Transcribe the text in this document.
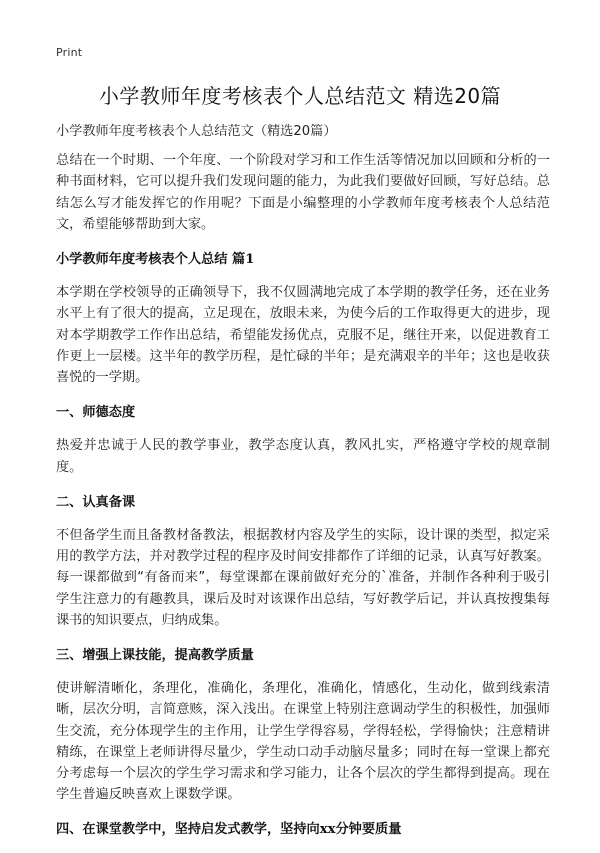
Print
小学教师年度考核表个人总结范文 精选20篇

小学教师年度考核表个人总结范文（精选20篇）

总结在一个时期、一个年度、一个阶段对学习和工作生活等情况加以回顾和分析的一种书面材料，它可以提升我们发现问题的能力，为此我们要做好回顾，写好总结。总结怎么写才能发挥它的作用呢？下面是小编整理的小学教师年度考核表个人总结范文，希望能够帮助到大家。

小学教师年度考核表个人总结 篇1

本学期在学校领导的正确领导下，我不仅圆满地完成了本学期的教学任务，还在业务水平上有了很大的提高，立足现在，放眼未来，为使今后的工作取得更大的进步，现对本学期教学工作作出总结，希望能发扬优点，克服不足，继往开来，以促进教育工作更上一层楼。这半年的教学历程，是忙碌的半年；是充满艰辛的半年；这也是收获喜悦的一学期。

一、师德态度

热爱并忠诚于人民的教学事业，教学态度认真，教风扎实，严格遵守学校的规章制度。

二、认真备课

不但备学生而且备教材备教法，根据教材内容及学生的实际，设计课的类型，拟定采用的教学方法，并对教学过程的程序及时间安排都作了详细的记录，认真写好教案。每一课都做到“有备而来”，每堂课都在课前做好充分的`准备，并制作各种利于吸引学生注意力的有趣教具，课后及时对该课作出总结，写好教学后记，并认真按搜集每课书的知识要点，归纳成集。

三、增强上课技能，提高教学质量

使讲解清晰化，条理化，准确化，条理化，准确化，情感化，生动化，做到线索清晰，层次分明，言简意赅，深入浅出。在课堂上特别注意调动学生的积极性，加强师生交流，充分体现学生的主作用，让学生学得容易，学得轻松，学得愉快；注意精讲精练，在课堂上老师讲得尽量少，学生动口动手动脑尽量多；同时在每一堂课上都充分考虑每一个层次的学生学习需求和学习能力，让各个层次的学生都得到提高。现在学生普遍反映喜欢上课数学课。

四、在课堂教学中，坚持启发式教学，坚持向xx分钟要质量
